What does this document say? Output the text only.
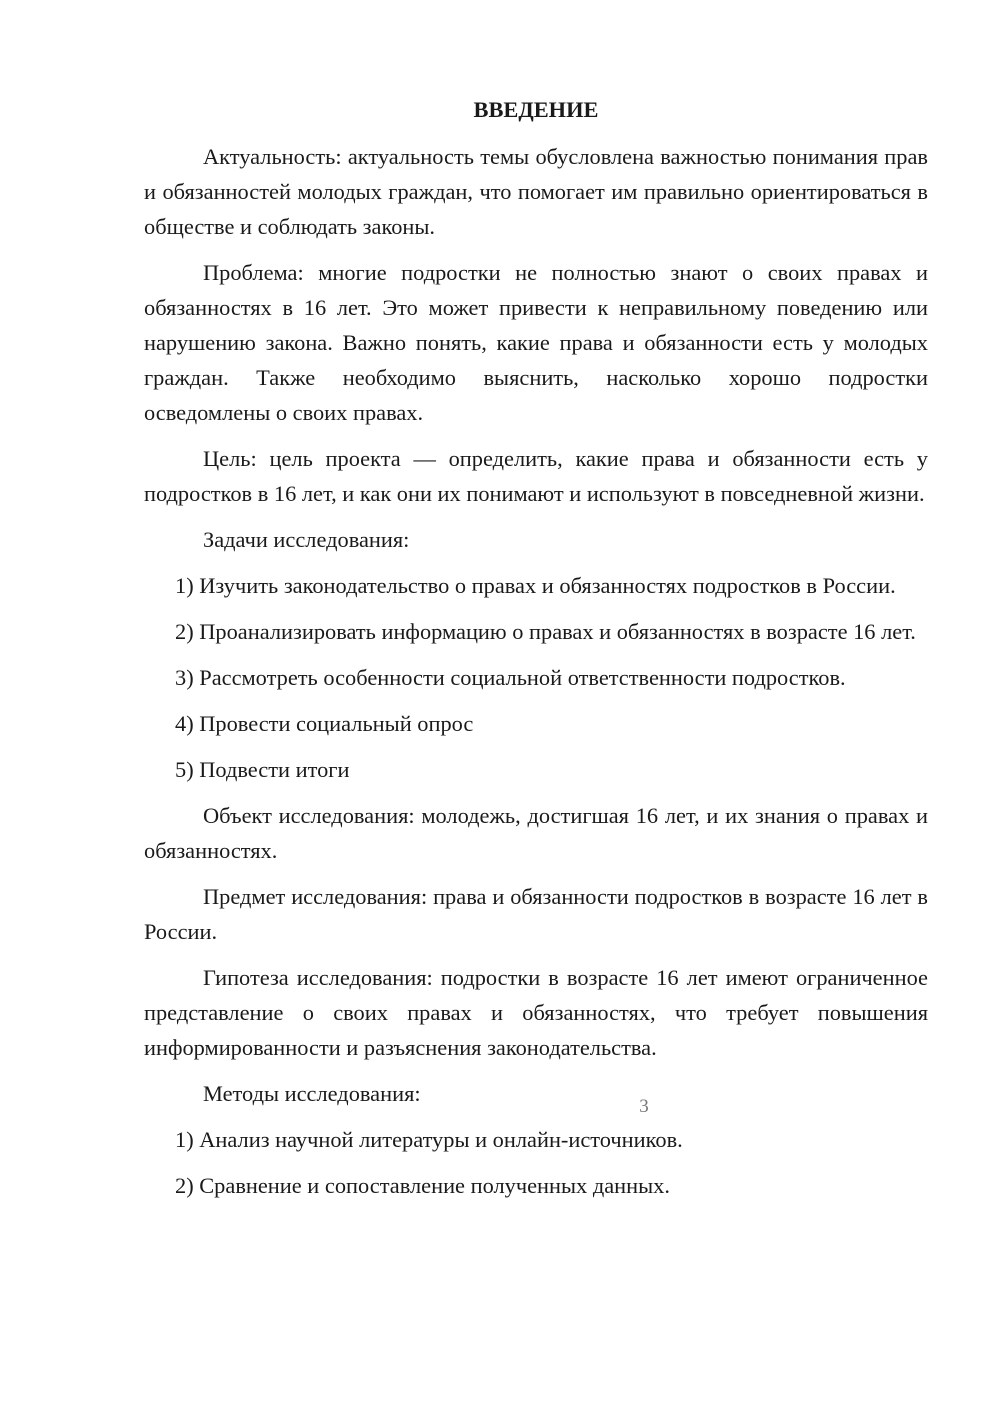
ВВЕДЕНИЕ

Актуальность: актуальность темы обусловлена важностью понимания прав и обязанностей молодых граждан, что помогает им правильно ориентироваться в обществе и соблюдать законы.

Проблема: многие подростки не полностью знают о своих правах и обязанностях в 16 лет. Это может привести к неправильному поведению или нарушению закона. Важно понять, какие права и обязанности есть у молодых граждан. Также необходимо выяснить, насколько хорошо подростки осведомлены о своих правах.

Цель: цель проекта — определить, какие права и обязанности есть у подростков в 16 лет, и как они их понимают и используют в повседневной жизни.

Задачи исследования:

1) Изучить законодательство о правах и обязанностях подростков в России.

2) Проанализировать информацию о правах и обязанностях в возрасте 16 лет.

3) Рассмотреть особенности социальной ответственности подростков.

4) Провести социальный опрос

5) Подвести итоги

Объект исследования: молодежь, достигшая 16 лет, и их знания о правах и обязанностях.

Предмет исследования: права и обязанности подростков в возрасте 16 лет в России.

Гипотеза исследования: подростки в возрасте 16 лет имеют ограниченное представление о своих правах и обязанностях, что требует повышения информированности и разъяснения законодательства.

Методы исследования:

1) Анализ научной литературы и онлайн-источников.

2) Сравнение и сопоставление полученных данных.

3
